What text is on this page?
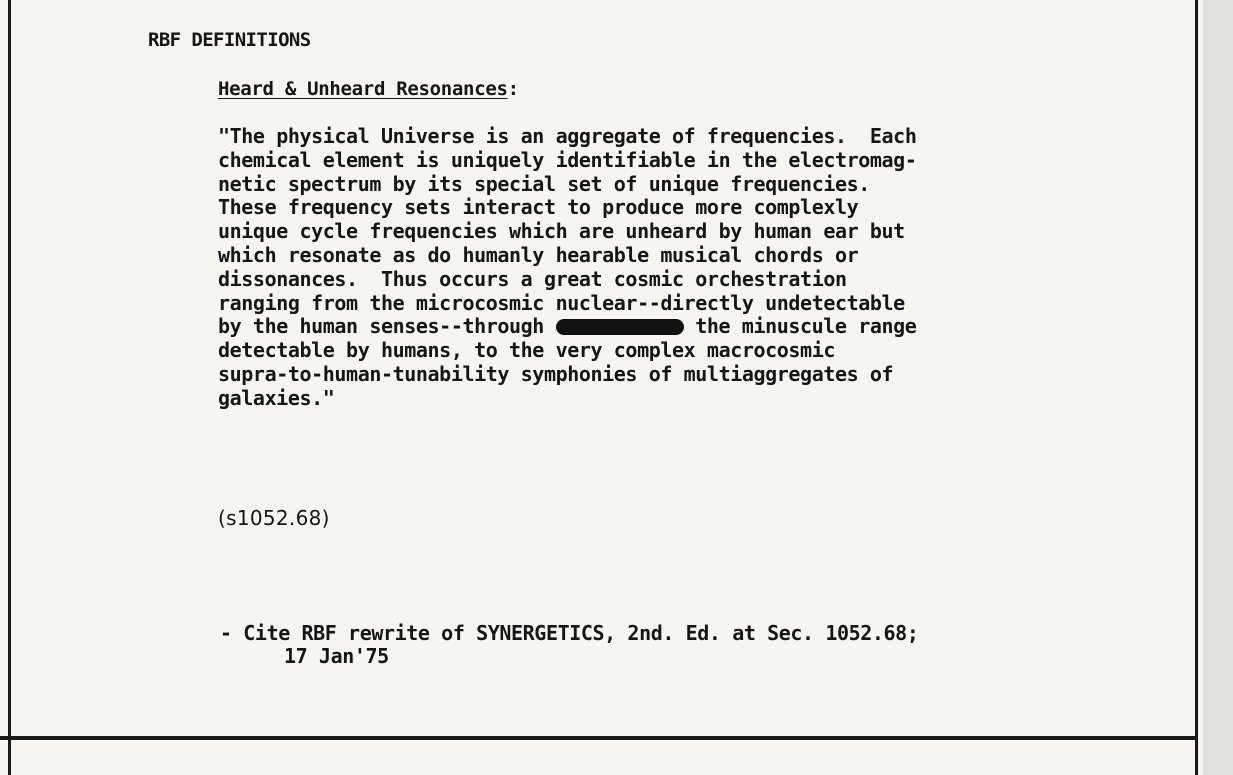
RBF DEFINITIONS
Heard & Unheard Resonances:
"The physical Universe is an aggregate of frequencies.  Each
chemical element is uniquely identifiable in the electromag-
netic spectrum by its special set of unique frequencies.
These frequency sets interact to produce more complexly
unique cycle frequencies which are unheard by human ear but
which resonate as do humanly hearable musical chords or
dissonances.  Thus occurs a great cosmic orchestration
ranging from the microcosmic nuclear--directly undetectable
by the human senses--through	the minuscule range
detectable by humans, to the very complex macrocosmic
supra-to-human-tunability symphonies of multiaggregates of
galaxies."
(s1052.68)
- Cite RBF rewrite of SYNERGETICS, 2nd. Ed. at Sec. 1052.68;
17 Jan'75
